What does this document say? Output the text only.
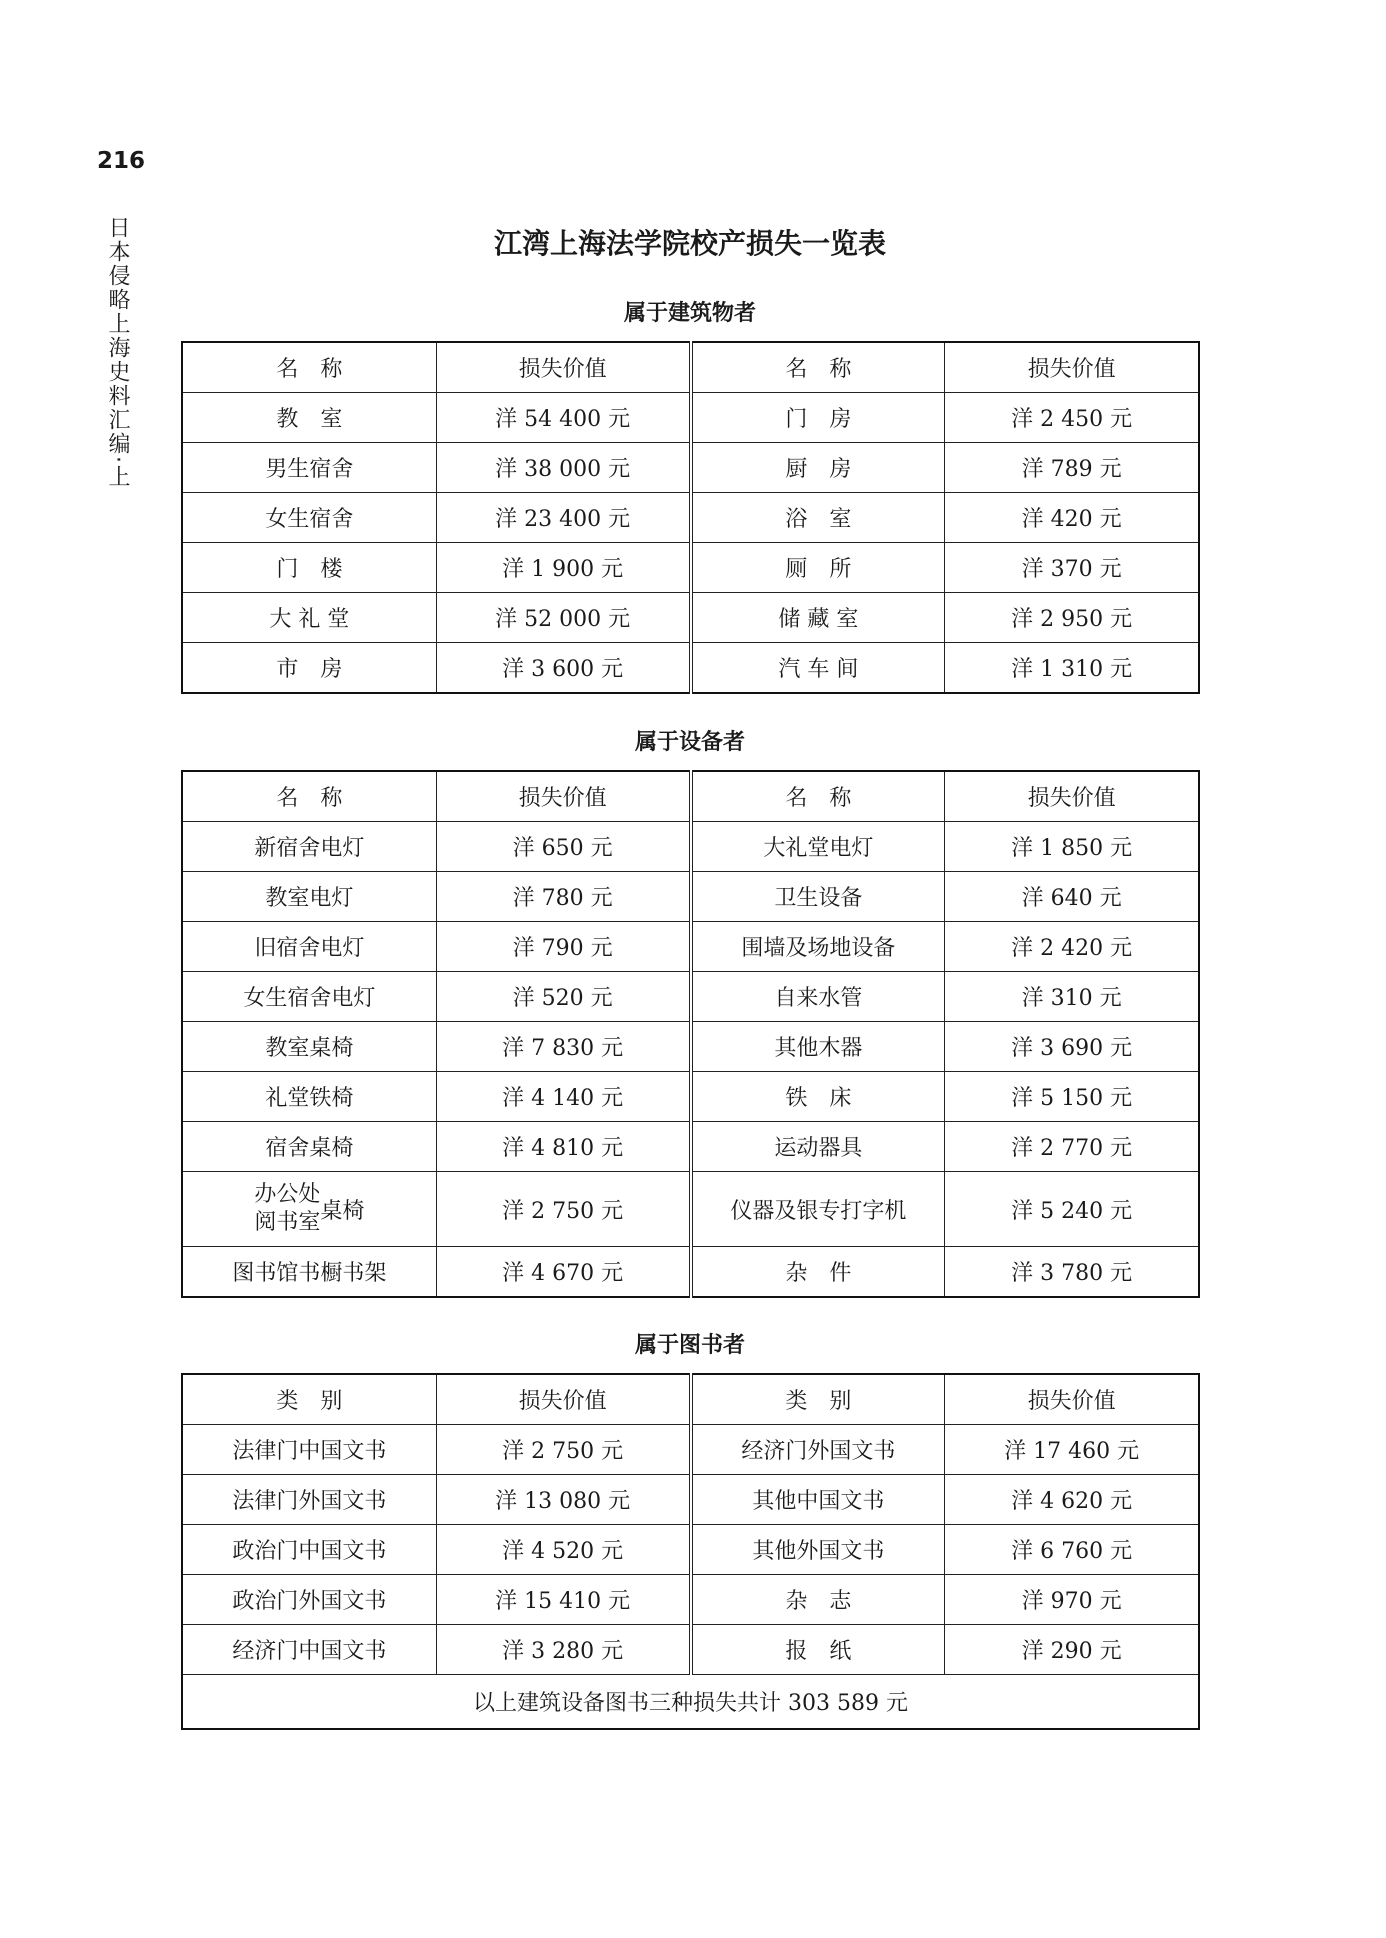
216
日本侵略上海史料汇编·上	江湾上海法学院校产损失一览表
属于建筑物者
名　称	损失价值	名　称	损失价值
教　室	洋 54 400 元	门　房	洋 2 450 元
男生宿舍	洋 38 000 元	厨　房	洋 789 元
女生宿舍	洋 23 400 元	浴　室	洋 420 元
门　楼	洋 1 900 元	厕　所	洋 370 元
大 礼 堂	洋 52 000 元	储 藏 室	洋 2 950 元
市　房	洋 3 600 元	汽 车 间	洋 1 310 元
属于设备者
名　称	损失价值	名　称	损失价值
新宿舍电灯	洋 650 元	大礼堂电灯	洋 1 850 元
教室电灯	洋 780 元	卫生设备	洋 640 元
旧宿舍电灯	洋 790 元	围墙及场地设备	洋 2 420 元
女生宿舍电灯	洋 520 元	自来水管	洋 310 元
教室桌椅	洋 7 830 元	其他木器	洋 3 690 元
礼堂铁椅	洋 4 140 元	铁　床	洋 5 150 元
宿舍桌椅	洋 4 810 元	运动器具	洋 2 770 元

办公处
阅书室 桌椅	洋 2 750 元	仪器及银专打字机	洋 5 240 元
图书馆书橱书架	洋 4 670 元	杂　件	洋 3 780 元
属于图书者
类　别	损失价值	类　别	损失价值
法律门中国文书	洋 2 750 元	经济门外国文书	洋 17 460 元
法律门外国文书	洋 13 080 元	其他中国文书	洋 4 620 元
政治门中国文书	洋 4 520 元	其他外国文书	洋 6 760 元
政治门外国文书	洋 15 410 元	杂　志	洋 970 元
经济门中国文书	洋 3 280 元	报　纸	洋 290 元
以上建筑设备图书三种损失共计 303 589 元			
